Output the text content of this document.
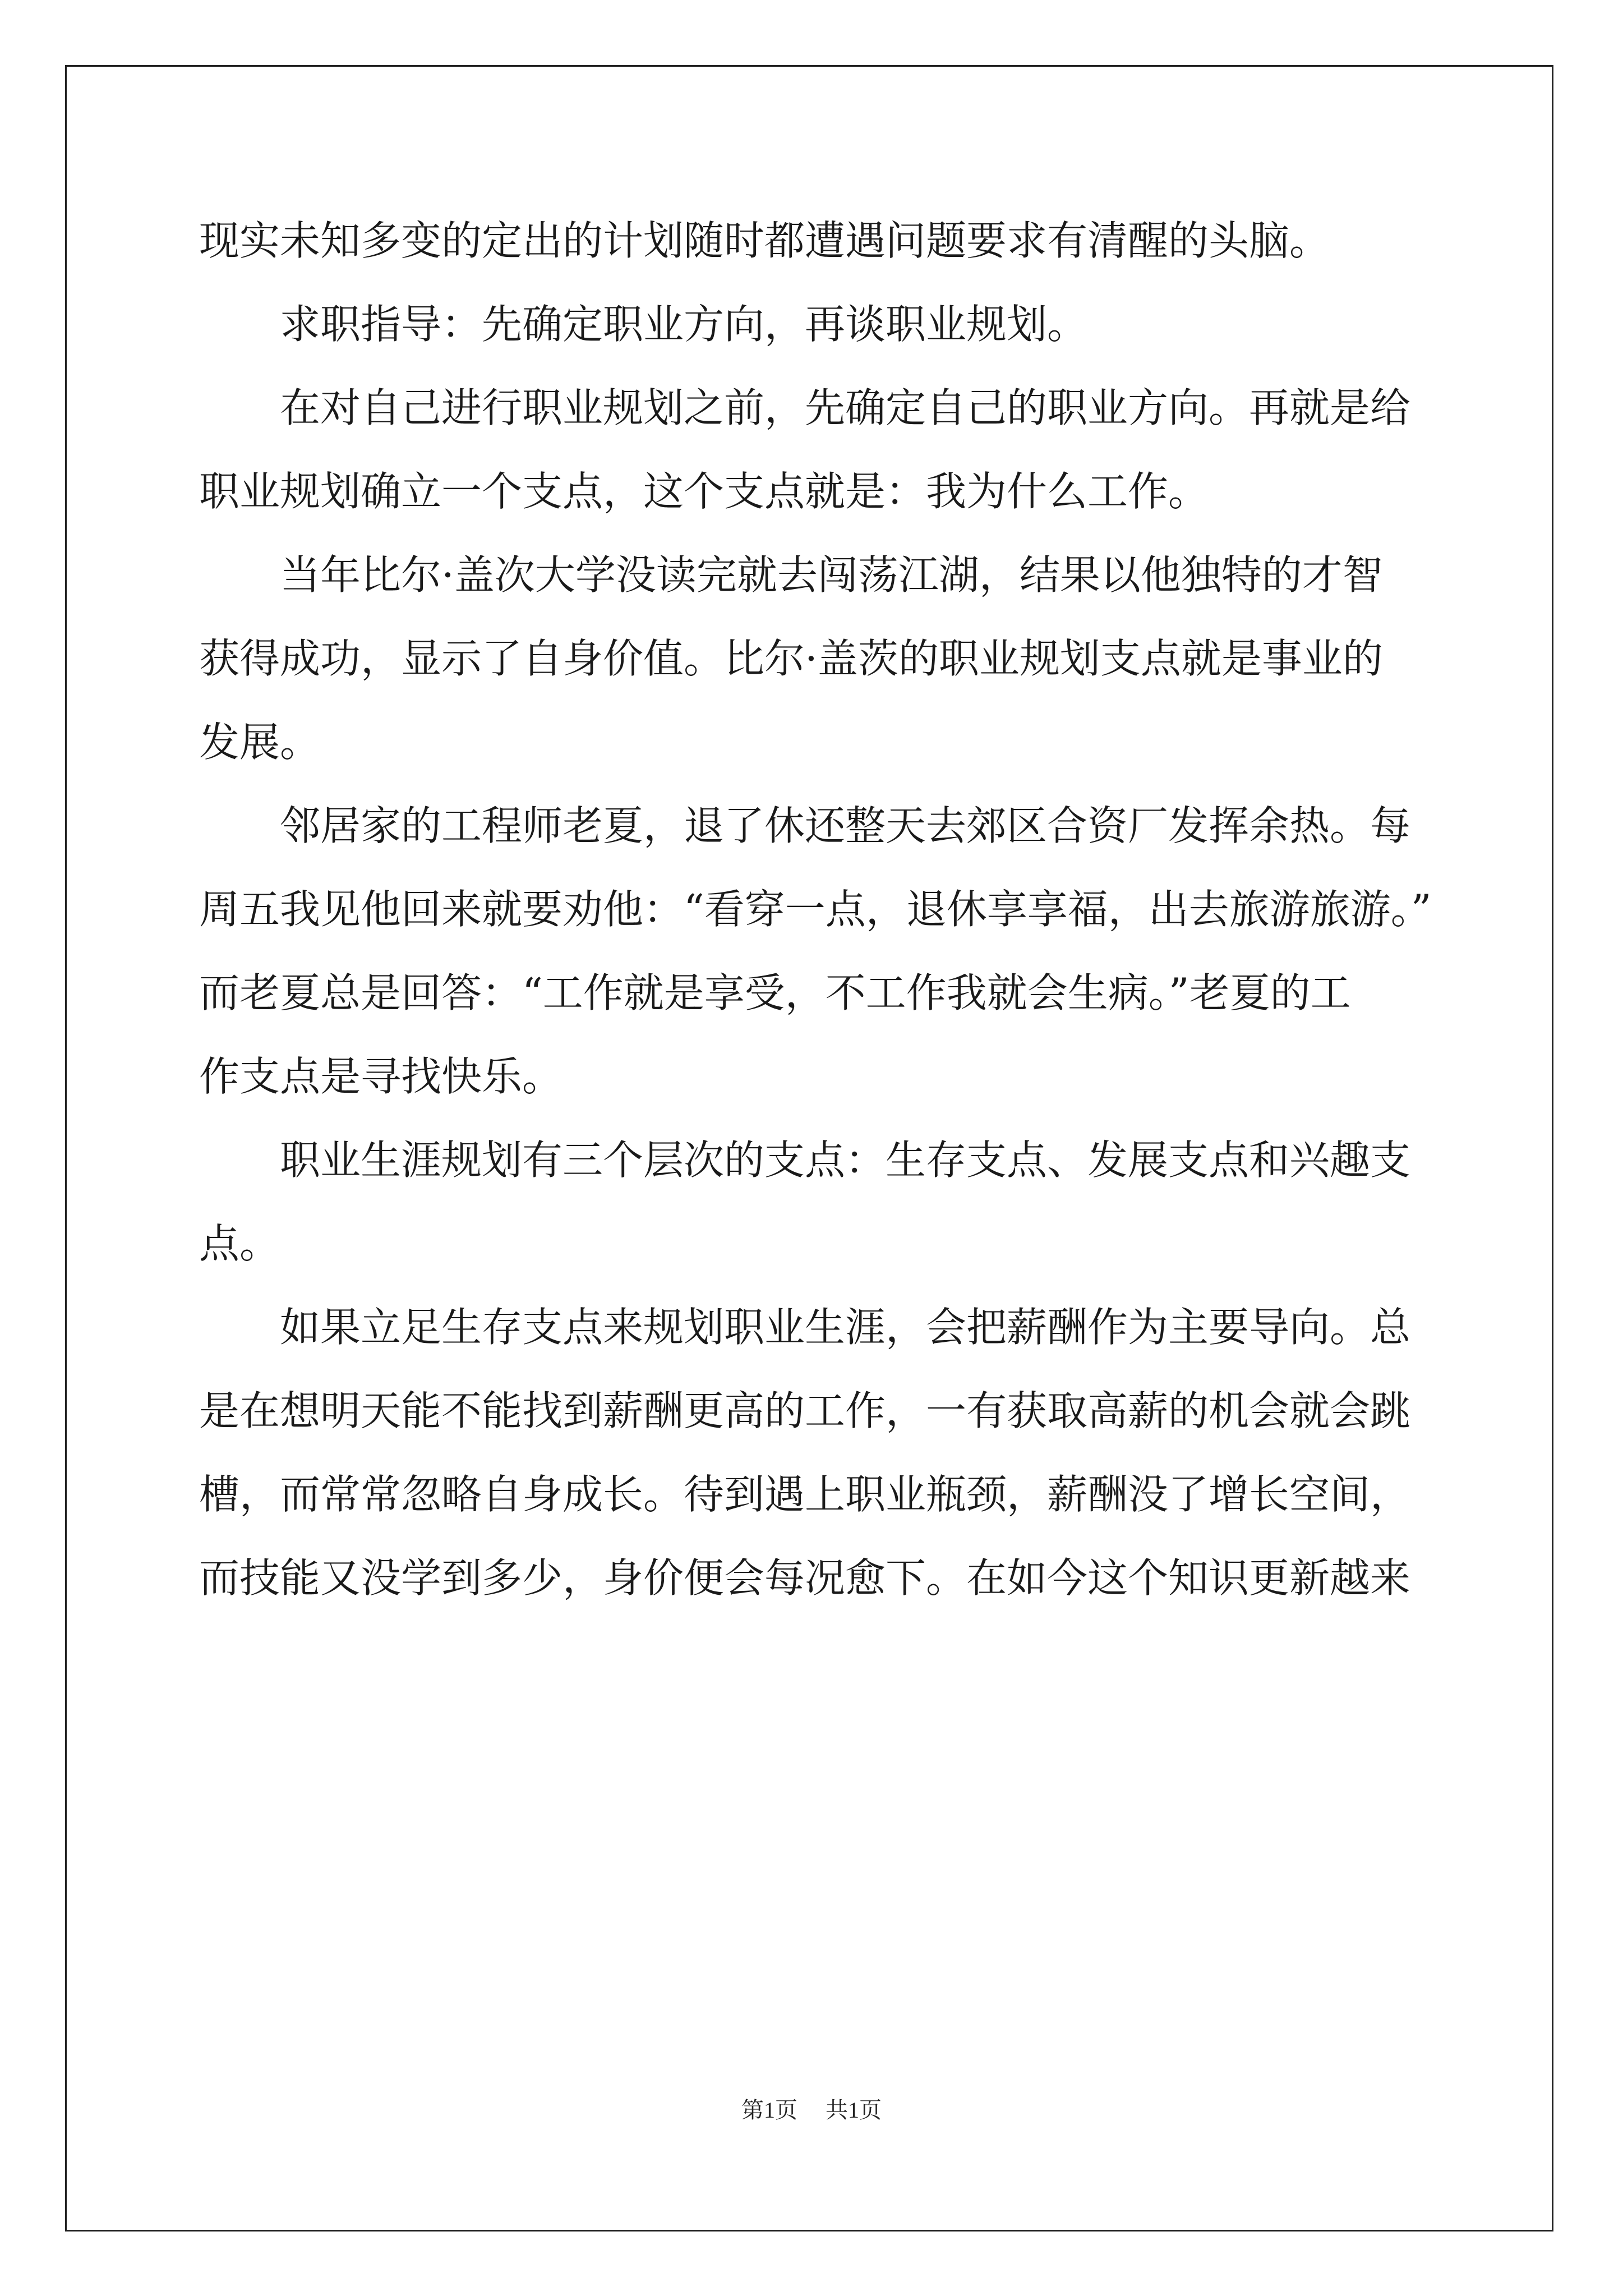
现实未知多变的定出的计划随时都遭遇问题要求有清醒的头脑。
求职指导：先确定职业方向，再谈职业规划。
在对自己进行职业规划之前，先确定自己的职业方向。再就是给
职业规划确立一个支点，这个支点就是：我为什么工作。
当年比尔·盖次大学没读完就去闯荡江湖，结果以他独特的才智
获得成功，显示了自身价值。比尔·盖茨的职业规划支点就是事业的
发展。
邻居家的工程师老夏，退了休还整天去郊区合资厂发挥余热。每
周五我见他回来就要劝他：“看穿一点，退休享享福，出去旅游旅游。”
而老夏总是回答：“工作就是享受，不工作我就会生病。”老夏的工
作支点是寻找快乐。
职业生涯规划有三个层次的支点：生存支点、发展支点和兴趣支
点。
如果立足生存支点来规划职业生涯，会把薪酬作为主要导向。总
是在想明天能不能找到薪酬更高的工作，一有获取高薪的机会就会跳
槽，而常常忽略自身成长。待到遇上职业瓶颈，薪酬没了增长空间，
而技能又没学到多少，身价便会每况愈下。在如今这个知识更新越来
第1页 共1页
